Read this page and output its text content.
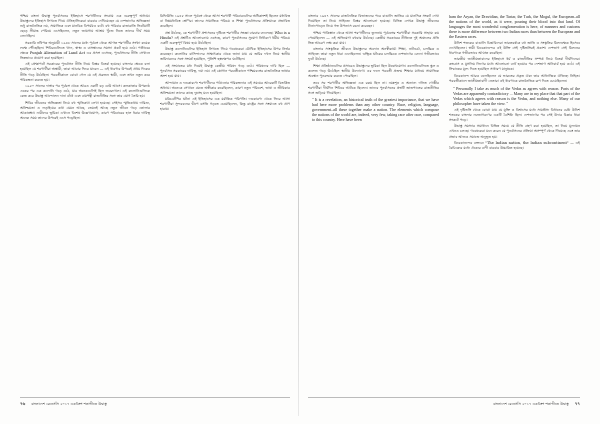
পশ্চিম বাংলা উদ্বাস্তু পুনর্বাসনের ইতিহাসে শরণার্থীদের সংগ্রাম এক গুরুত্বপূর্ণ অধ্যায়। উদ্বাস্তুদের ইতিহাস লিখতে গিয়ে ঐতিহাসিকেরা বারবার দেখিয়েছেন যে দেশভাগের অভিজ্ঞতা শুধু রাজনৈতিক নয়, সামাজিক এবং মানবিক বিপর্যয়ও বটে। বহু পরিবার রাতারাতি ভিটেমাটি ছেড়ে সীমান্ত পেরিয়ে এসেছিলেন, নতুন জায়গায় আশ্রয় খুঁজে নিতে তাদের দীর্ঘ সময় লেগেছিল।

সরকারি নথিপত্র অনুযায়ী ১৯৪৮ সালের মধ্যে পূর্ববঙ্গ থেকে আগত শরণার্থীর সংখ্যা কয়েক লক্ষে পৌঁছেছিল। শিবিরগুলিতে খাদ্য, স্বাস্থ্য ও বাসস্থানের সমস্যা প্রকট হয়ে ওঠে। পঞ্জাবের ক্ষেত্রে Punjab Alienation of Land Act এর প্রসঙ্গ এসেছে, পুনর্বাসনের নীতি সেখানে ভিন্নভাবে প্রয়োগ করা হয়েছিল।

এই প্রেক্ষাপটে সরকারের পুনর্বাসন নীতি নিয়ে বিস্তর বিতর্ক হয়েছে। বাংলার ক্ষেত্রে বলা হয়েছিল যে শরণার্থীরা অস্থায়ী, তারা আবার ফিরে যাবেন — এই ধারণার উপরেই প্রথম দিকের নীতি গড়ে উঠেছিল। পরবর্তীকালে বোঝা গেল যে এই প্রব্রজন স্থায়ী, এবং তখন নতুন করে পরিকল্পনা করতে হয়।

১৯৫০ সালের দাঙ্গার পর পূর্ববঙ্গ থেকে আরও একটি বড় ঢেউ আসে। কলকাতার উপকণ্ঠে একের পর এক কলোনি গড়ে ওঠে, যার অনেকগুলিই ছিল জবরদখল। এই কলোনিগুলিকে কেন্দ্র করে উদ্বাস্তু আন্দোলন দানা বাঁধে এবং বামপন্থী রাজনীতির সঙ্গে তার যোগ তৈরি হয়।

শিবির জীবনের অভিজ্ঞতা নিয়ে বহু স্মৃতিকথা লেখা হয়েছে। সেইসব স্মৃতিকথায় দারিদ্র্য, অনিশ্চয়তা ও লড়াইয়ের কথা যেমন আছে, তেমনই আছে নতুন জীবন গড়ে তোলার আকাঙ্ক্ষা। নারীদের ভূমিকা এখানে বিশেষ উল্লেখযোগ্য, কারণ পরিবারের হাল ধরার দায়িত্ব অনেক সময় তাদের উপরেই এসে পড়েছিল।

রিফিউজি ১৯৪৮ সালে পূর্ববঙ্গ থেকে আসা শরণার্থী পরিবারগুলির অধিকাংশই ছিলেন মধ্যবিত্ত বা নিম্নমধ্যবিত্ত শ্রেণির। তাদের সামাজিক পরিচয় ও শিক্ষা পুনর্বাসনের প্রক্রিয়াকে প্রভাবিত করেছিল।

প্রশ্ন উঠেছে, কে শরণার্থী? প্রশাসনের দৃষ্টিতে শরণার্থীর সংজ্ঞা বারবার বদলেছে। Who is a Hindu? এই প্রশ্নটিও আলোচনায় এসেছে, কারণ পুনর্বাসনের সুযোগ নির্ধারণে ধর্মীয় পরিচয় একটি গুরুত্বপূর্ণ বিষয় হয়ে উঠেছিল।

উদ্বাস্তু কলোনিগুলির ইতিহাস লিখতে গিয়ে গবেষকেরা মৌখিক ইতিহাসের উপর নির্ভর করেছেন। কলোনির বাসিন্দাদের সাক্ষাৎকার থেকে জানা যায় যে জমির দখল নিয়ে স্থানীয় জমিদারদের সঙ্গে সংঘর্ষ হয়েছিল, পুলিশি হস্তক্ষেপও ঘটেছিল।

এই সংঘাতের মধ্য দিয়েই উদ্বাস্তু কেন্দ্রীয় পরিষদ গড়ে ওঠে। পরিষদের দাবি ছিল — পুনর্বাসন সরকারের দায়িত্ব, দয়া নয়। এই স্লোগান পরবর্তীকালে পশ্চিমবঙ্গের রাজনৈতিক ভাষার অংশ হয়ে যায়।

আন্দামান ও দণ্ডকারণ্যে শরণার্থীদের পাঠানোর পরিকল্পনাও এই সময়ের আরেকটি বিতর্কিত অধ্যায়। অনেকে সেখানে যেতে অস্বীকার করেছিলেন, কারণ নতুন পরিবেশ, ভাষা ও জীবিকার অনিশ্চয়তা তাদের কাছে দুঃসহ মনে হয়েছিল।

মরিচঝাঁপির ঘটনা এই ইতিহাসের এক মর্মান্তিক পরিণতি। দণ্ডকারণ্য থেকে ফিরে আসা শরণার্থীরা সুন্দরবনের দ্বীপে বসতি গড়তে চেয়েছিলেন, কিন্তু রাষ্ট্রের সঙ্গে সংঘাতে বহু প্রাণ হারায়।

৭৬ বাংলাদেশ রেনেসাঁস ২০১৭ একবিংশ শতাব্দীতে উদ্বাস্তু

বাংলার ১৯৪৭ সালের রাজনৈতিক বিভাজনের পরে বাঙালি জাতির যে মানসিক সংকট দেখা দিয়েছিল তা নিয়ে সাহিত্যে বিস্তর আলোচনা হয়েছে। বিভিন্ন লেখক উদ্বাস্তু জীবনের টানাপোড়েন নিয়ে গল্প উপন্যাস রচনা করেছেন।

পশ্চিম পাকিস্তান থেকে আসা শরণার্থীদের তুলনায় পূর্ববঙ্গের শরণার্থীরা সরকারি সাহায্য কম পেয়েছিলেন — এই অভিযোগ বহুবার উঠেছে। কেন্দ্রীয় সরকারের নীতিতে দুই অঞ্চলের প্রতি ভিন্ন আচরণ লক্ষ করা যায়।

বাংলার সাংস্কৃতিক জীবনে উদ্বাস্তুদের অবদান অনস্বীকার্য। শিক্ষা, নাট্যচর্চা, চলচ্চিত্র ও সাহিত্যে তারা নতুন ধারা এনেছিলেন। ঋত্বিক ঘটকের চলচ্চিত্রে দেশভাগের বেদনা গভীরভাবে ফুটে উঠেছে।

শিক্ষা প্রতিষ্ঠানগুলির প্রসারেও উদ্বাস্তুদের ভূমিকা ছিল উল্লেখযোগ্য। কলোনিগুলিতে স্কুল ও কলেজ গড়ে উঠেছিল স্থানীয় উদ্যোগে। এর ফলে পরবর্তী প্রজন্ম শিক্ষার মাধ্যমে সামাজিক অবস্থান পুনরুদ্ধার করতে পেরেছিল।

তবে সব শরণার্থীর অভিজ্ঞতা এক রকম ছিল না। নমঃশূদ্র ও অন্যান্য দলিত গোষ্ঠীর শরণার্থীরা দীর্ঘদিন শিবিরে আটকে ছিলেন। তাদের পুনর্বাসনের প্রশ্নটি জাতপাতের রাজনীতির সঙ্গে জড়িয়ে গিয়েছিল।

" It is a revelation, an historical truth of the greatest importance, that we have had here more problems than any other country. Race, religion, language, government–all these together make a nation. The elements which compose the nations of the world are, indeed, very few, taking race after race, compared to this country. Here have been

ham the Aryan, the Dravidian, the Tartar, the Turk, the Mogul, the European–all the nations of the world, as it were, pouring their blood into that land. Of languages the most wonderful conglomeration is here, of manners and customs there is more difference between two Indian races than between the European and the Eastern races.

উনিশ শতকের বাঙালি চিন্তাবিদেরা ভারতবর্ষকে বহু জাতি ও সংস্কৃতির মিলনক্ষেত্র হিসেবে দেখেছিলেন। স্বামী বিবেকানন্দের এই উক্তি সেই দৃষ্টিভঙ্গিরই প্রকাশ। দেশভাগ সেই মিলনের ধারণাকে গভীরভাবে আঘাত করেছিল।

ভারতীয় জাতীয়তাবাদের ইতিহাসে ধর্ম ও রাজনীতির সম্পর্ক নিয়ে বিতর্ক দীর্ঘদিনের। কংগ্রেস ও মুসলিম লিগের মধ্যে আলোচনা ব্যর্থ হওয়ার পর দেশভাগ অনিবার্য হয়ে ওঠে। এই সিদ্ধান্তের মূল্য দিতে হয়েছিল সাধারণ মানুষকে।

বিবেকানন্দ আরও বলেছিলেন যে ভারতের প্রকৃত ঐক্য তার আধ্যাত্মিক ঐতিহ্যে নিহিত। পরবর্তীকালে জাতীয়তাবাদী নেতারা এই ধারণাকে রাজনৈতিক রূপ দিতে চেয়েছিলেন।

" Personally I take as much of the Vedas as agrees with reason. Parts of the Vedas are apparently contradictory ... Many are in my place that that part of the Vedas which agrees with reason is the Vedas, and nothing else. Many of our philosopher have taken the view. "

এই দৃষ্টিভঙ্গি থেকে বোঝা যায় যে যুক্তি ও বিশ্বাসের মধ্যে সামঞ্জস্য বিধানের চেষ্টা উনিশ শতকের বাংলার নবজাগরণের একটি বৈশিষ্ট্য ছিল। দেশভাগের পর সেই উদার চিন্তার ধারা সংকটে পড়ে।

উদ্বাস্তু সমস্যার সমাধানে বিভিন্ন সময়ে যে নীতি গ্রহণ করা হয়েছিল, তা নিয়ে মূল্যায়ন এখনও চলছে। গবেষকেরা মনে করেন যে পুনর্বাসনের প্রক্রিয়া অসম্পূর্ণ থেকে গিয়েছে এবং তার প্রভাব আজও সমাজে অনুভূত হয়।

বিবেকানন্দের বক্তব্যে "The Indian nation, the Indian subcontinent" — এই বৈচিত্র্যের মধ্যে ঐক্যের বাণী বারবার উচ্চারিত হয়েছে।

বাংলাদেশ রেনেসাঁস ২০১৭ একবিংশ শতাব্দীতে উদ্বাস্তু ৭৭
